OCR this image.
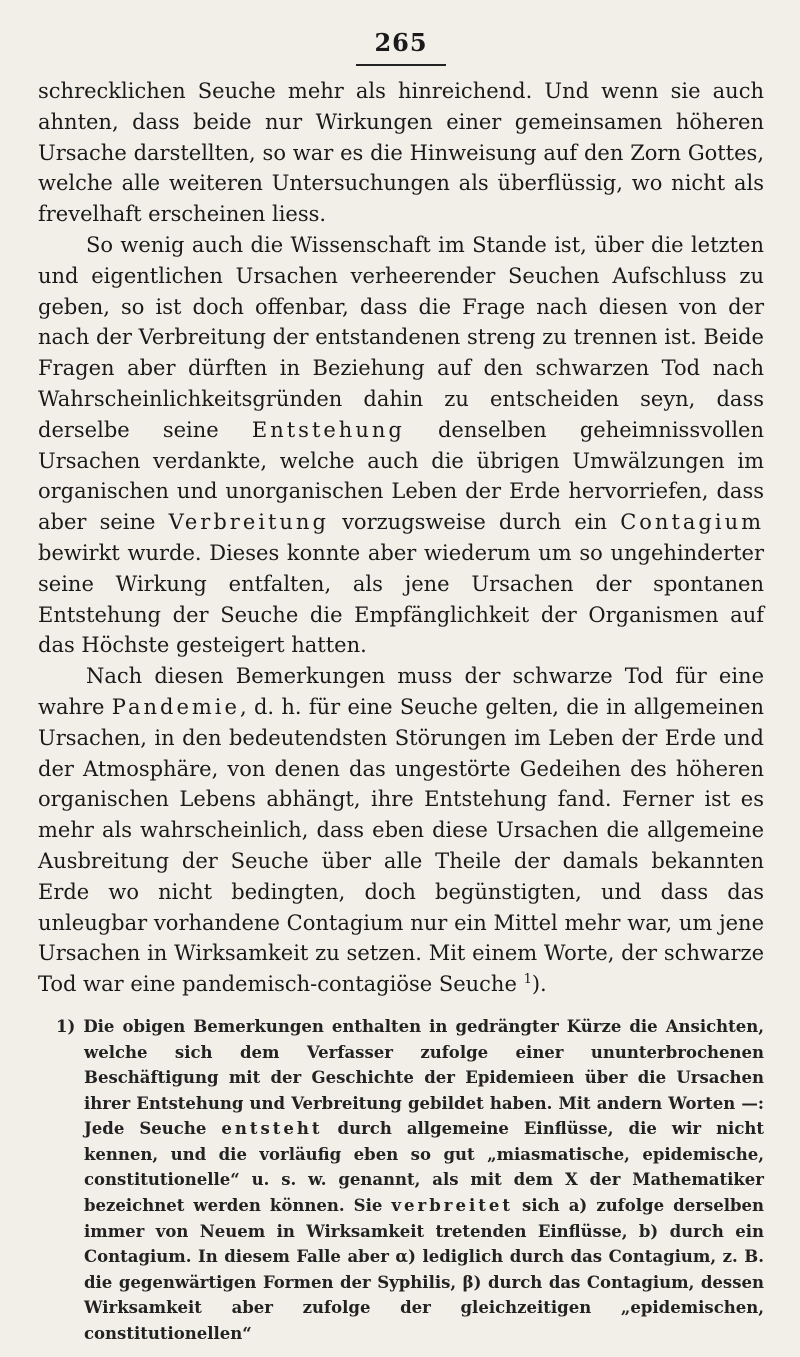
265

schrecklichen Seuche mehr als hinreichend. Und wenn sie auch ahnten, dass beide nur Wirkungen einer gemeinsamen höheren Ursache darstellten, so war es die Hinweisung auf den Zorn Gottes, welche alle weiteren Untersuchungen als überflüssig, wo nicht als frevelhaft erscheinen liess.

So wenig auch die Wissenschaft im Stande ist, über die letzten und eigentlichen Ursachen verheerender Seuchen Aufschluss zu geben, so ist doch offenbar, dass die Frage nach diesen von der nach der Verbreitung der entstandenen streng zu trennen ist. Beide Fragen aber dürften in Beziehung auf den schwarzen Tod nach Wahrscheinlichkeitsgründen dahin zu entscheiden seyn, dass derselbe seine Entstehung denselben geheimnissvollen Ursachen verdankte, welche auch die übrigen Umwälzungen im organischen und unorganischen Leben der Erde hervorriefen, dass aber seine Verbreitung vorzugsweise durch ein Contagium bewirkt wurde. Dieses konnte aber wiederum um so ungehinderter seine Wirkung entfalten, als jene Ursachen der spontanen Entstehung der Seuche die Empfänglichkeit der Organismen auf das Höchste gesteigert hatten.

Nach diesen Bemerkungen muss der schwarze Tod für eine wahre Pandemie, d. h. für eine Seuche gelten, die in allgemeinen Ursachen, in den bedeutendsten Störungen im Leben der Erde und der Atmosphäre, von denen das ungestörte Gedeihen des höheren organischen Lebens abhängt, ihre Entstehung fand. Ferner ist es mehr als wahrscheinlich, dass eben diese Ursachen die allgemeine Ausbreitung der Seuche über alle Theile der damals bekannten Erde wo nicht bedingten, doch begünstigten, und dass das unleugbar vorhandene Contagium nur ein Mittel mehr war, um jene Ursachen in Wirksamkeit zu setzen. Mit einem Worte, der schwarze Tod war eine pandemisch-contagiöse Seuche $^1$).

1) Die obigen Bemerkungen enthalten in gedrängter Kürze die Ansichten, welche sich dem Verfasser zufolge einer ununterbrochenen Beschäftigung mit der Geschichte der Epidemieen über die Ursachen ihrer Entstehung und Verbreitung gebildet haben. Mit andern Worten —: Jede Seuche entsteht durch allgemeine Einflüsse, die wir nicht kennen, und die vorläufig eben so gut „miasmatische, epidemische, constitutionelle“ u. s. w. genannt, als mit dem X der Mathematiker bezeichnet werden können. Sie verbreitet sich a) zufolge derselben immer von Neuem in Wirksamkeit tretenden Einflüsse, b) durch ein Contagium. In diesem Falle aber α) lediglich durch das Contagium, z. B. die gegenwärtigen Formen der Syphilis, β) durch das Contagium, dessen Wirksamkeit aber zufolge der gleichzeitigen „epidemischen, constitutionellen“
